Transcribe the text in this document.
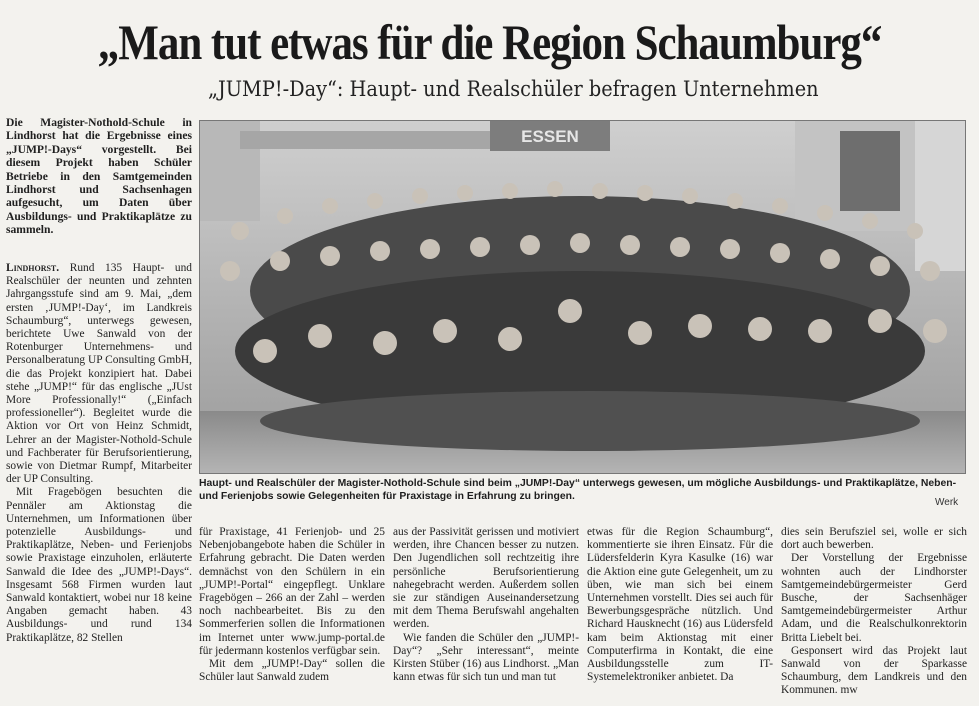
„Man tut etwas für die Region Schaumburg“
„JUMP!-Day“: Haupt- und Realschüler befragen Unternehmen
Die Magister-Nothold-Schule in Lindhorst hat die Ergebnisse eines „JUMP!-Days“ vorgestellt. Bei diesem Projekt haben Schüler Betriebe in den Samtgemeinden Lindhorst und Sachsenhagen aufgesucht, um Daten über Ausbildungs- und Praktikaplätze zu sammeln.

Lindhorst. Rund 135 Haupt- und Realschüler der neunten und zehnten Jahrgangsstufe sind am 9. Mai, „dem ersten ‚JUMP!-Day‘, im Landkreis Schaumburg“, unterwegs gewesen, berichtete Uwe Sanwald von der Rotenburger Unternehmens- und Personalberatung UP Consulting GmbH, die das Projekt konzipiert hat. Dabei stehe „JUMP!“ für das englische „JUst More Professionally!“ („Einfach professioneller“). Begleitet wurde die Aktion vor Ort von Heinz Schmidt, Lehrer an der Magister-Nothold-Schule und Fachberater für Berufsorientierung, sowie von Dietmar Rumpf, Mitarbeiter der UP Consulting.

Mit Fragebögen besuchten die Pennäler am Aktionstag die Unternehmen, um Informationen über potenzielle Ausbildungs- und Praktikaplätze, Neben- und Ferienjobs sowie Praxistage einzuholen, erläuterte Sanwald die Idee des „JUMP!-Days“. Insgesamt 568 Firmen wurden laut Sanwald kontaktiert, wobei nur 18 keine Angaben gemacht haben. 43 Ausbildungs- und rund 134 Praktikaplätze, 82 Stellen

ESSEN
Haupt- und Realschüler der Magister-Nothold-Schule sind beim „JUMP!-Day“ unterwegs gewesen, um mögliche Ausbildungs- und Praktikaplätze, Neben- und Ferienjobs sowie Gelegenheiten für Praxistage in Erfahrung zu bringen.
Werk

für Praxistage, 41 Ferienjob- und 25 Nebenjobangebote haben die Schüler in Erfahrung gebracht. Die Daten werden demnächst von den Schülern in ein „JUMP!-Portal“ eingepflegt. Unklare Fragebögen – 266 an der Zahl – werden noch nachbearbeitet. Bis zu den Sommerferien sollen die Informationen im Internet unter www.jump-portal.de für jedermann kostenlos verfügbar sein.

Mit dem „JUMP!-Day“ sollen die Schüler laut Sanwald zudem

aus der Passivität gerissen und motiviert werden, ihre Chancen besser zu nutzen. Den Jugendlichen soll rechtzeitig ihre persönliche Berufsorientierung nahegebracht werden. Außerdem sollen sie zur ständigen Auseinandersetzung mit dem Thema Berufswahl angehalten werden.

Wie fanden die Schüler den „JUMP!-Day“? „Sehr interessant“, meinte Kirsten Stüber (16) aus Lindhorst. „Man kann etwas für sich tun und man tut

etwas für die Region Schaumburg“, kommentierte sie ihren Einsatz. Für die Lüdersfelderin Kyra Kasulke (16) war die Aktion eine gute Gelegenheit, um zu üben, wie man sich bei einem Unternehmen vorstellt. Dies sei auch für Bewerbungsgespräche nützlich. Und Richard Hausknecht (16) aus Lüdersfeld kam beim Aktionstag mit einer Computerfirma in Kontakt, die eine Ausbildungsstelle zum IT-Systemelektroniker anbietet. Da

dies sein Berufsziel sei, wolle er sich dort auch bewerben.

Der Vorstellung der Ergebnisse wohnten auch der Lindhorster Samtgemeindebürgermeister Gerd Busche, der Sachsenhäger Samtgemeindebürgermeister Arthur Adam, und die Realschulkonrektorin Britta Liebelt bei.

Gesponsert wird das Projekt laut Sanwald von der Sparkasse Schaumburg, dem Landkreis und den Kommunen. mw
